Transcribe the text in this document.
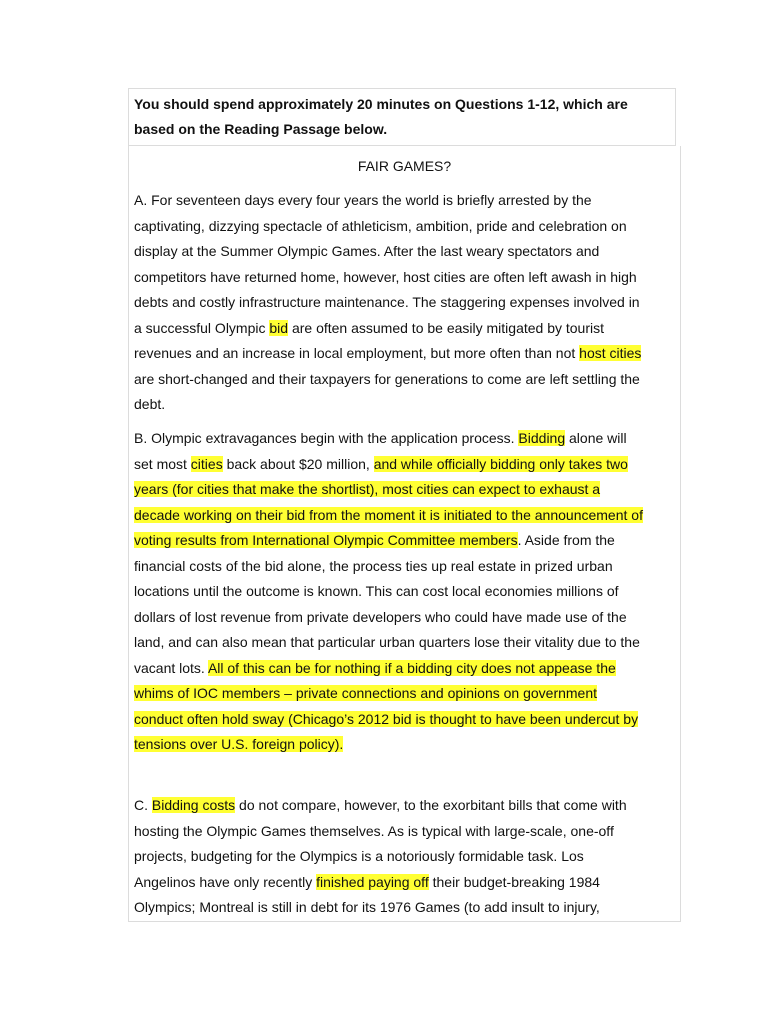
You should spend approximately 20 minutes on Questions 1-12, which are
based on the Reading Passage below.

FAIR GAMES?

A. For seventeen days every four years the world is briefly arrested by the
captivating, dizzying spectacle of athleticism, ambition, pride and celebration on
display at the Summer Olympic Games. After the last weary spectators and
competitors have returned home, however, host cities are often left awash in high
debts and costly infrastructure maintenance. The staggering expenses involved in
a successful Olympic bid are often assumed to be easily mitigated by tourist
revenues and an increase in local employment, but more often than not host cities
are short-changed and their taxpayers for generations to come are left settling the
debt.

B. Olympic extravagances begin with the application process. Bidding alone will
set most cities back about $20 million, and while officially bidding only takes two
years (for cities that make the shortlist), most cities can expect to exhaust a
decade working on their bid from the moment it is initiated to the announcement of
voting results from International Olympic Committee members. Aside from the
financial costs of the bid alone, the process ties up real estate in prized urban
locations until the outcome is known. This can cost local economies millions of
dollars of lost revenue from private developers who could have made use of the
land, and can also mean that particular urban quarters lose their vitality due to the
vacant lots. All of this can be for nothing if a bidding city does not appease the
whims of IOC members – private connections and opinions on government
conduct often hold sway (Chicago’s 2012 bid is thought to have been undercut by
tensions over U.S. foreign policy).

C. Bidding costs do not compare, however, to the exorbitant bills that come with
hosting the Olympic Games themselves. As is typical with large-scale, one-off
projects, budgeting for the Olympics is a notoriously formidable task. Los
Angelinos have only recently finished paying off their budget-breaking 1984
Olympics; Montreal is still in debt for its 1976 Games (to add insult to injury,
